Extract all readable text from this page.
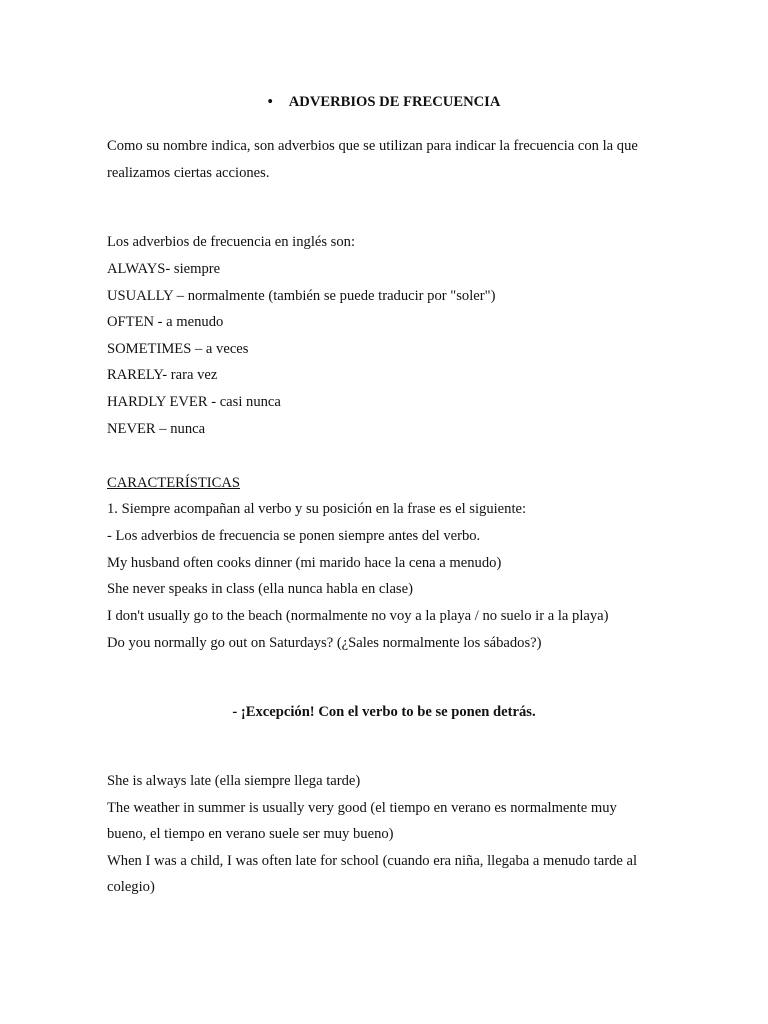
• ADVERBIOS DE FRECUENCIA
Como su nombre indica, son adverbios que se utilizan para indicar la frecuencia con la que
realizamos ciertas acciones.
Los adverbios de frecuencia en inglés son:
ALWAYS- siempre
USUALLY – normalmente (también se puede traducir por "soler")
OFTEN - a menudo
SOMETIMES – a veces
RARELY- rara vez
HARDLY EVER - casi nunca
NEVER – nunca
CARACTERÍSTICAS
1. Siempre acompañan al verbo y su posición en la frase es el siguiente:
- Los adverbios de frecuencia se ponen siempre antes del verbo.
My husband often cooks dinner (mi marido hace la cena a menudo)
She never speaks in class (ella nunca habla en clase)
I don't usually go to the beach (normalmente no voy a la playa / no suelo ir a la playa)
Do you normally go out on Saturdays? (¿Sales normalmente los sábados?)
- ¡Excepción! Con el verbo to be se ponen detrás.
She is always late (ella siempre llega tarde)
The weather in summer is usually very good (el tiempo en verano es normalmente muy
bueno, el tiempo en verano suele ser muy bueno)
When I was a child, I was often late for school (cuando era niña, llegaba a menudo tarde al
colegio)
